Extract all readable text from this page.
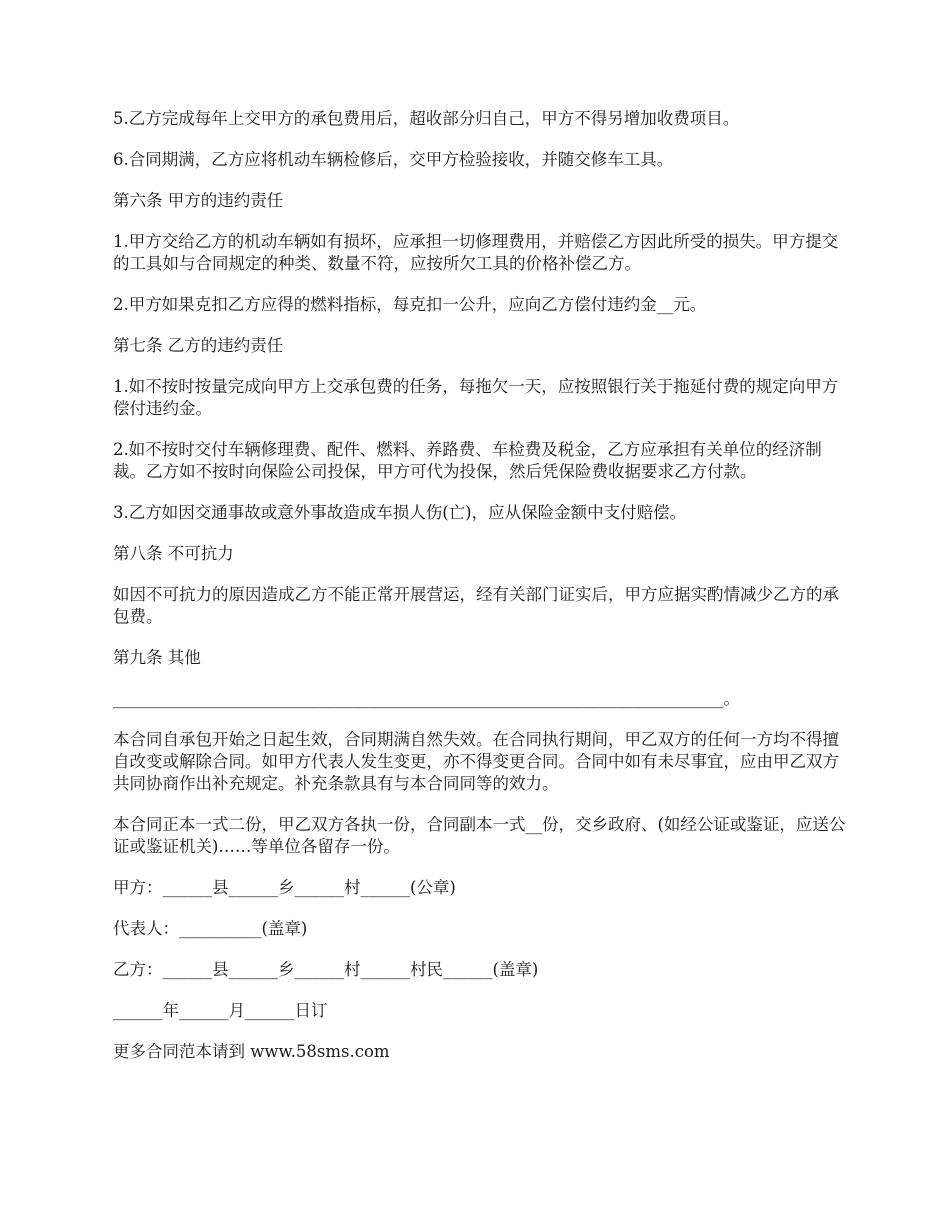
5.乙方完成每年上交甲方的承包费用后，超收部分归自己，甲方不得另增加收费项目。

6.合同期满，乙方应将机动车辆检修后，交甲方检验接收，并随交修车工具。

第六条 甲方的违约责任

1.甲方交给乙方的机动车辆如有损坏，应承担一切修理费用，并赔偿乙方因此所受的损失。甲方提交的工具如与合同规定的种类、数量不符，应按所欠工具的价格补偿乙方。

2.甲方如果克扣乙方应得的燃料指标，每克扣一公升，应向乙方偿付违约金__元。

第七条 乙方的违约责任

1.如不按时按量完成向甲方上交承包费的任务，每拖欠一天，应按照银行关于拖延付费的规定向甲方偿付违约金。

2.如不按时交付车辆修理费、配件、燃料、养路费、车检费及税金，乙方应承担有关单位的经济制裁。乙方如不按时向保险公司投保，甲方可代为投保，然后凭保险费收据要求乙方付款。

3.乙方如因交通事故或意外事故造成车损人伤(亡)，应从保险金额中支付赔偿。

第八条 不可抗力

如因不可抗力的原因造成乙方不能正常开展营运，经有关部门证实后，甲方应据实酌情减少乙方的承包费。

第九条 其他

__________________________________________________________________________。

本合同自承包开始之日起生效，合同期满自然失效。在合同执行期间，甲乙双方的任何一方均不得擅自改变或解除合同。如甲方代表人发生变更，亦不得变更合同。合同中如有未尽事宜，应由甲乙双方共同协商作出补充规定。补充条款具有与本合同同等的效力。

本合同正本一式二份，甲乙双方各执一份，合同副本一式__份，交乡政府、(如经公证或鉴证，应送公证或鉴证机关)……等单位各留存一份。

甲方：______县______乡______村______(公章)

代表人：__________(盖章)

乙方：______县______乡______村______村民______(盖章)

______年______月______日订

更多合同范本请到 www.58sms.com
